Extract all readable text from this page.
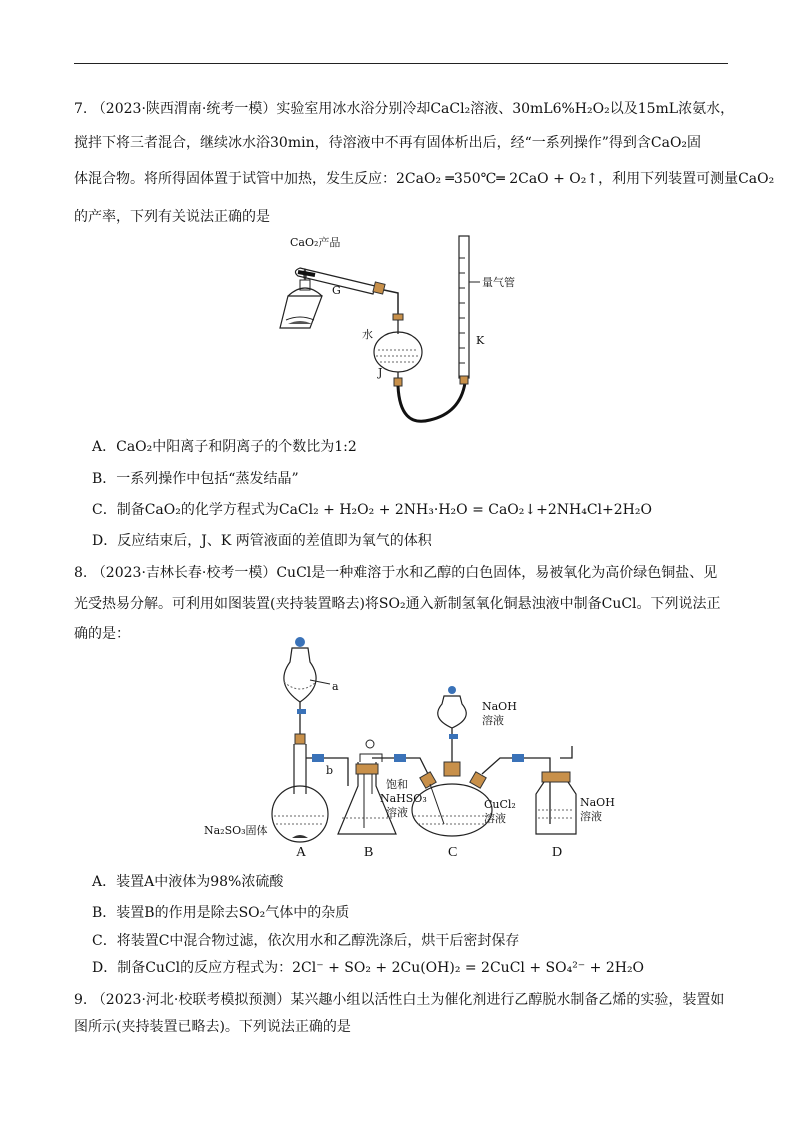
7. （2023·陕西渭南·统考一模）实验室用冰水浴分别冷却CaCl₂溶液、30mL6%H₂O₂以及15mL浓氨水，
搅拌下将三者混合，继续冰水浴30min，待溶液中不再有固体析出后，经“一系列操作”得到含CaO₂固
体混合物。将所得固体置于试管中加热，发生反应：2CaO₂ ═350℃═ 2CaO + O₂↑，利用下列装置可测量CaO₂
的产率，下列有关说法正确的是
CaO₂产品
G
水
J
量气管
K
A．CaO₂中阳离子和阴离子的个数比为1:2
B．一系列操作中包括“蒸发结晶”
C．制备CaO₂的化学方程式为CaCl₂ + H₂O₂ + 2NH₃·H₂O = CaO₂↓+2NH₄Cl+2H₂O
D．反应结束后，J、K 两管液面的差值即为氧气的体积
8. （2023·吉林长春·校考一模）CuCl是一种难溶于水和乙醇的白色固体，易被氧化为高价绿色铜盐、见
光受热易分解。可利用如图装置(夹持装置略去)将SO₂通入新制氢氧化铜悬浊液中制备CuCl。下列说法正
确的是：
a
b
Na₂SO₃固体
饱和
NaHSO₃
溶液
NaOH
溶液
CuCl₂
溶液
NaOH
溶液
A	B	C	D
A．装置A中液体为98%浓硫酸
B．装置B的作用是除去SO₂气体中的杂质
C．将装置C中混合物过滤，依次用水和乙醇洗涤后，烘干后密封保存
D．制备CuCl的反应方程式为：2Cl⁻ + SO₂ + 2Cu(OH)₂ = 2CuCl + SO₄²⁻ + 2H₂O
9. （2023·河北·校联考模拟预测）某兴趣小组以活性白土为催化剂进行乙醇脱水制备乙烯的实验，装置如
图所示(夹持装置已略去)。下列说法正确的是
